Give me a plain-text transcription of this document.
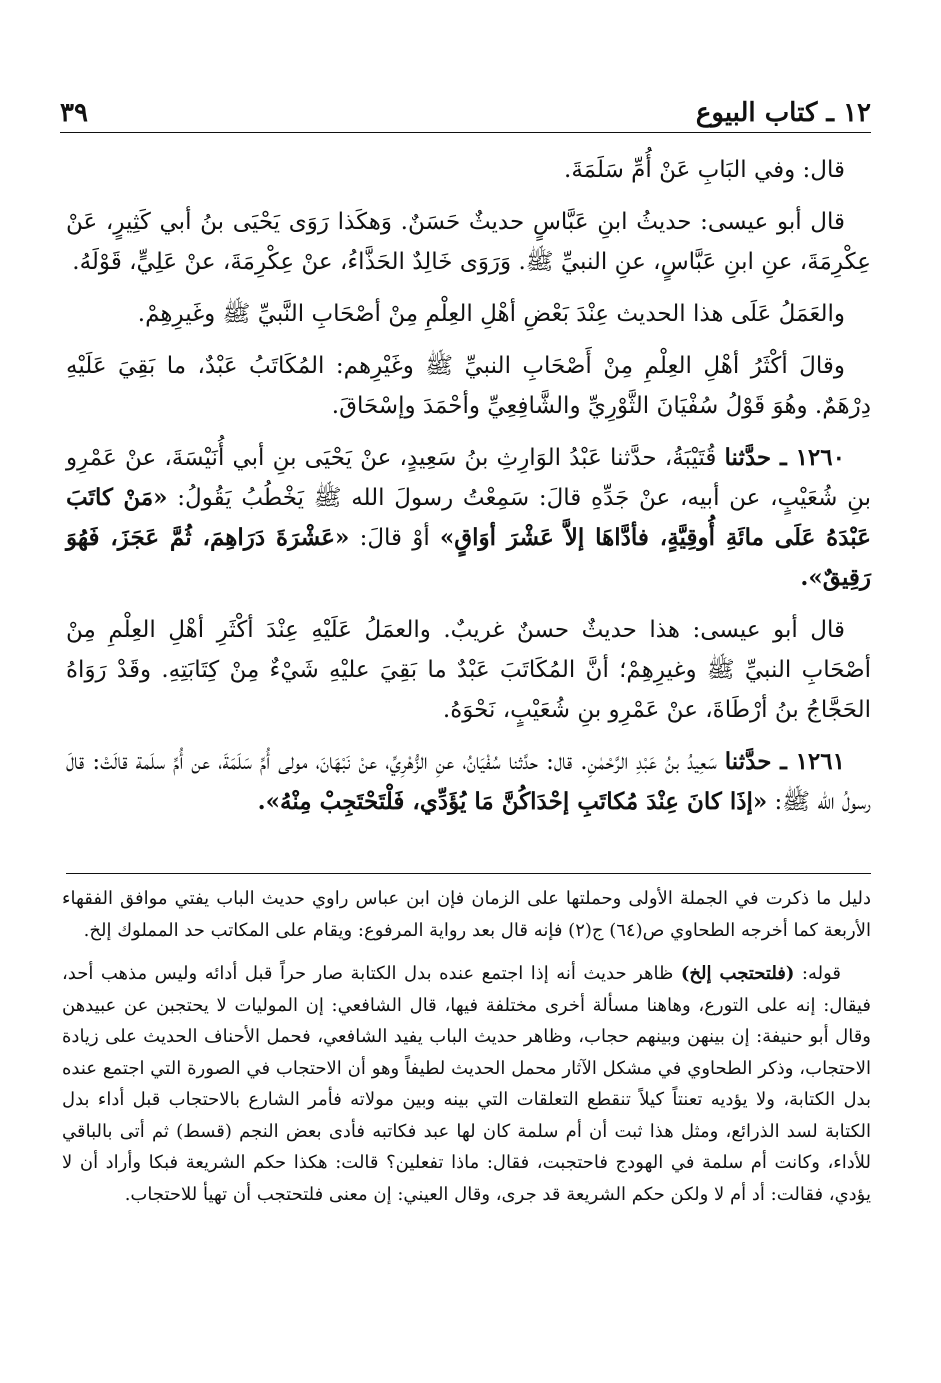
١٢ ـ كتاب البيوع
٣٩

قال: وفي البَابِ عَنْ أُمِّ سَلَمَةَ.

قال أبو عيسى: حديثُ ابنِ عَبَّاسٍ حديثٌ حَسَنٌ. وَهكَذا رَوَى يَحْيَى بنُ أبي كَثِيرٍ، عَنْ عِكْرِمَةَ، عنِ ابنِ عَبَّاسٍ، عنِ النبيِّ ﷺ. وَرَوَى خَالِدٌ الحَذَّاءُ، عنْ عِكْرِمَةَ، عنْ عَلِيٍّ، قَوْلَهُ.

والعَمَلُ عَلَى هذا الحديث عِنْدَ بَعْضِ أهْلِ العِلْمِ مِنْ أصْحَابِ النَّبيِّ ﷺ وغَيرِهِمْ.

وقالَ أكْثَرُ أهْلِ العِلْمِ مِنْ أَصْحَابِ النبيِّ ﷺ وغَيْرِهم: المُكَاتَبُ عَبْدٌ، ما بَقِيَ عَلَيْهِ دِرْهَمٌ. وهُوَ قَوْلُ سُفْيَانَ الثَّوْرِيِّ والشَّافِعِيِّ وأحْمَدَ وإسْحَاقَ.

١٢٦٠ ـ حدَّثنا قُتَيْبَةُ، حدَّثنا عَبْدُ الوَارِثِ بنُ سَعِيدٍ، عنْ يَحْيَى بنِ أبي أُنَيْسَةَ، عنْ عَمْرِو بنِ شُعَيْبٍ، عن أبيه، عنْ جَدِّهِ قالَ: سَمِعْتُ رسولَ الله ﷺ يَخْطُبُ يَقُولُ: «مَنْ كاتَبَ عَبْدَهُ عَلَى مائَةِ أُوقِيَّةٍ، فأدَّاهَا إلاَّ عَشْرَ أوَاقٍ» أوْ قالَ: «عَشْرَةَ دَرَاهِمَ، ثُمَّ عَجَزَ، فَهُوَ رَقِيقٌ».

قال أبو عيسى: هذا حديثٌ حسنٌ غريبٌ. والعمَلُ عَلَيْهِ عِنْدَ أكْثَرِ أهْلِ العِلْمِ مِنْ أصْحَابِ النبيِّ ﷺ وغيرِهِمْ؛ أنَّ المُكَاتَبَ عَبْدٌ ما بَقِيَ عليْهِ شَيْءٌ مِنْ كِتَابَتِهِ. وقَدْ رَوَاهُ الحَجَّاجُ بنُ أرْطَاةَ، عنْ عَمْرِو بنِ شُعَيْبٍ، نَحْوَهُ.

١٢٦١ ـ حدَّثنا سَعِيدُ بنُ عَبْدِ الرَّحْمٰنِ. قال: حدَّثنا سُفْيَانُ، عنِ الزُّهْرِيِّ، عنْ نَبْهَانَ، مولى أُمِّ سَلَمَةَ، عن أُمِّ سلَمة قالَتْ: قالَ رسولُ الله ﷺ: «إذَا كانَ عِنْدَ مُكاتَبِ إحْدَاكُنَّ مَا يُؤَدِّي، فَلْتَحْتَجِبْ مِنْهُ».

دليل ما ذكرت في الجملة الأولى وحملتها على الزمان فإن ابن عباس راوي حديث الباب يفتي موافق الفقهاء الأربعة كما أخرجه الطحاوي ص(٦٤) ج(٢) فإنه قال بعد رواية المرفوع: ويقام على المكاتب حد المملوك إلخ.

قوله: (فلتحتجب إلخ) ظاهر حديث أنه إذا اجتمع عنده بدل الكتابة صار حراً قبل أدائه وليس مذهب أحد، فيقال: إنه على التورع، وهاهنا مسألة أخرى مختلفة فيها، قال الشافعي: إن المولیات لا يحتجبن عن عبيدهن وقال أبو حنيفة: إن بينهن وبينهم حجاب، وظاهر حديث الباب يفيد الشافعي، فحمل الأحناف الحديث على زيادة الاحتجاب، وذكر الطحاوي في مشكل الآثار محمل الحديث لطيفاً وهو أن الاحتجاب في الصورة التي اجتمع عنده بدل الكتابة، ولا يؤديه تعنتاً كيلاً تنقطع التعلقات التي بينه وبين مولاته فأمر الشارع بالاحتجاب قبل أداء بدل الكتابة لسد الذرائع، ومثل هذا ثبت أن أم سلمة كان لها عبد فكاتبه فأدى بعض النجم (قسط) ثم أتى بالباقي للأداء، وكانت أم سلمة في الهودج فاحتجبت، فقال: ماذا تفعلين؟ قالت: هكذا حكم الشريعة فبكا وأراد أن لا يؤدي، فقالت: أد أم لا ولكن حكم الشريعة قد جرى، وقال العيني: إن معنى فلتحتجب أن تهيأ للاحتجاب.
